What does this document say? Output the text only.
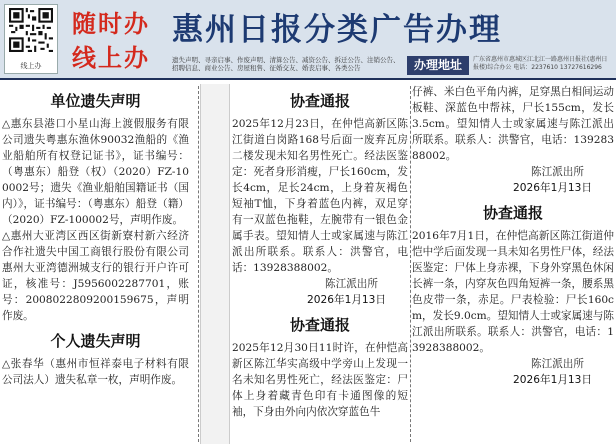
线上办
随时办
线上办
惠州日报分类广告办理
遗失声明、寻亲启事、作废声明、清算公告、减资公告、拆迁公告、注销公告、招聘信息、商业公告、房屋租售、征婚交友、婚丧启事、各类公告	办理地址	广东省惠州市惠城区江北江一路惠州日报社(惠州日报楼)综合办公 电话：2237610 13727616296
单位遗失声明
△惠东县港口小星山海上渡假服务有限公司遗失粤惠东渔休90032渔船的《渔业船舶所有权登记证书》，证书编号：（粤惠东）船登（权）（2020）FZ-100002号；遗失《渔业船舶国籍证书（国内）》，证书编号：（粤惠东）船登（籍）（2020）FZ-100002号，声明作废。
△惠州大亚湾区西区街新寮村新六经济合作社遗失中国工商银行股份有限公司惠州大亚湾德洲城支行的银行开户许可证，核准号：J5956002287701，账号：2008022809200159675，声明作废。
个人遗失声明
△张春华（惠州市恒祥泰电子材料有限公司法人）遗失私章一枚，声明作废。
协查通报
2025年12月23日，在仲恺高新区陈江街道白岗路168号后面一废弃瓦房二楼发现未知名男性死亡。经法医鉴定：死者身形消瘦，尸长160cm，发长4cm，足长24cm，上身着灰褐色短袖T恤，下身着蓝色内裤，双足穿有一双蓝色拖鞋，左腕带有一银色金属手表。望知情人士或家属速与陈江派出所联系。联系人：洪警官，电话：13928388002。
陈江派出所
2026年1月13日
协查通报
2025年12月30日11时许，在仲恺高新区陈江华实高级中学旁山上发现一名未知名男性死亡，经法医鉴定：尸体上身着藏青色印有卡通图像的短袖，下身由外向内依次穿蓝色牛
仔裤、米白色平角内裤，足穿黑白相间运动板鞋、深蓝色中帮袜，尸长155cm，发长3.5cm。望知情人士或家属速与陈江派出所联系。联系人：洪警官，电话：13928388002。
陈江派出所
2026年1月13日
协查通报
2016年7月1日，在仲恺高新区陈江街道仲恺中学后面发现一具未知名男性尸体，经法医鉴定：尸体上身赤裸，下身外穿黑色休闲长裤一条，内穿灰色四角短裤一条，腰系黑色皮带一条，赤足。尸表检验：尸长160cm，发长9.0cm。望知情人士或家属速与陈江派出所联系。联系人：洪警官，电话：13928388002。
陈江派出所
2026年1月13日
